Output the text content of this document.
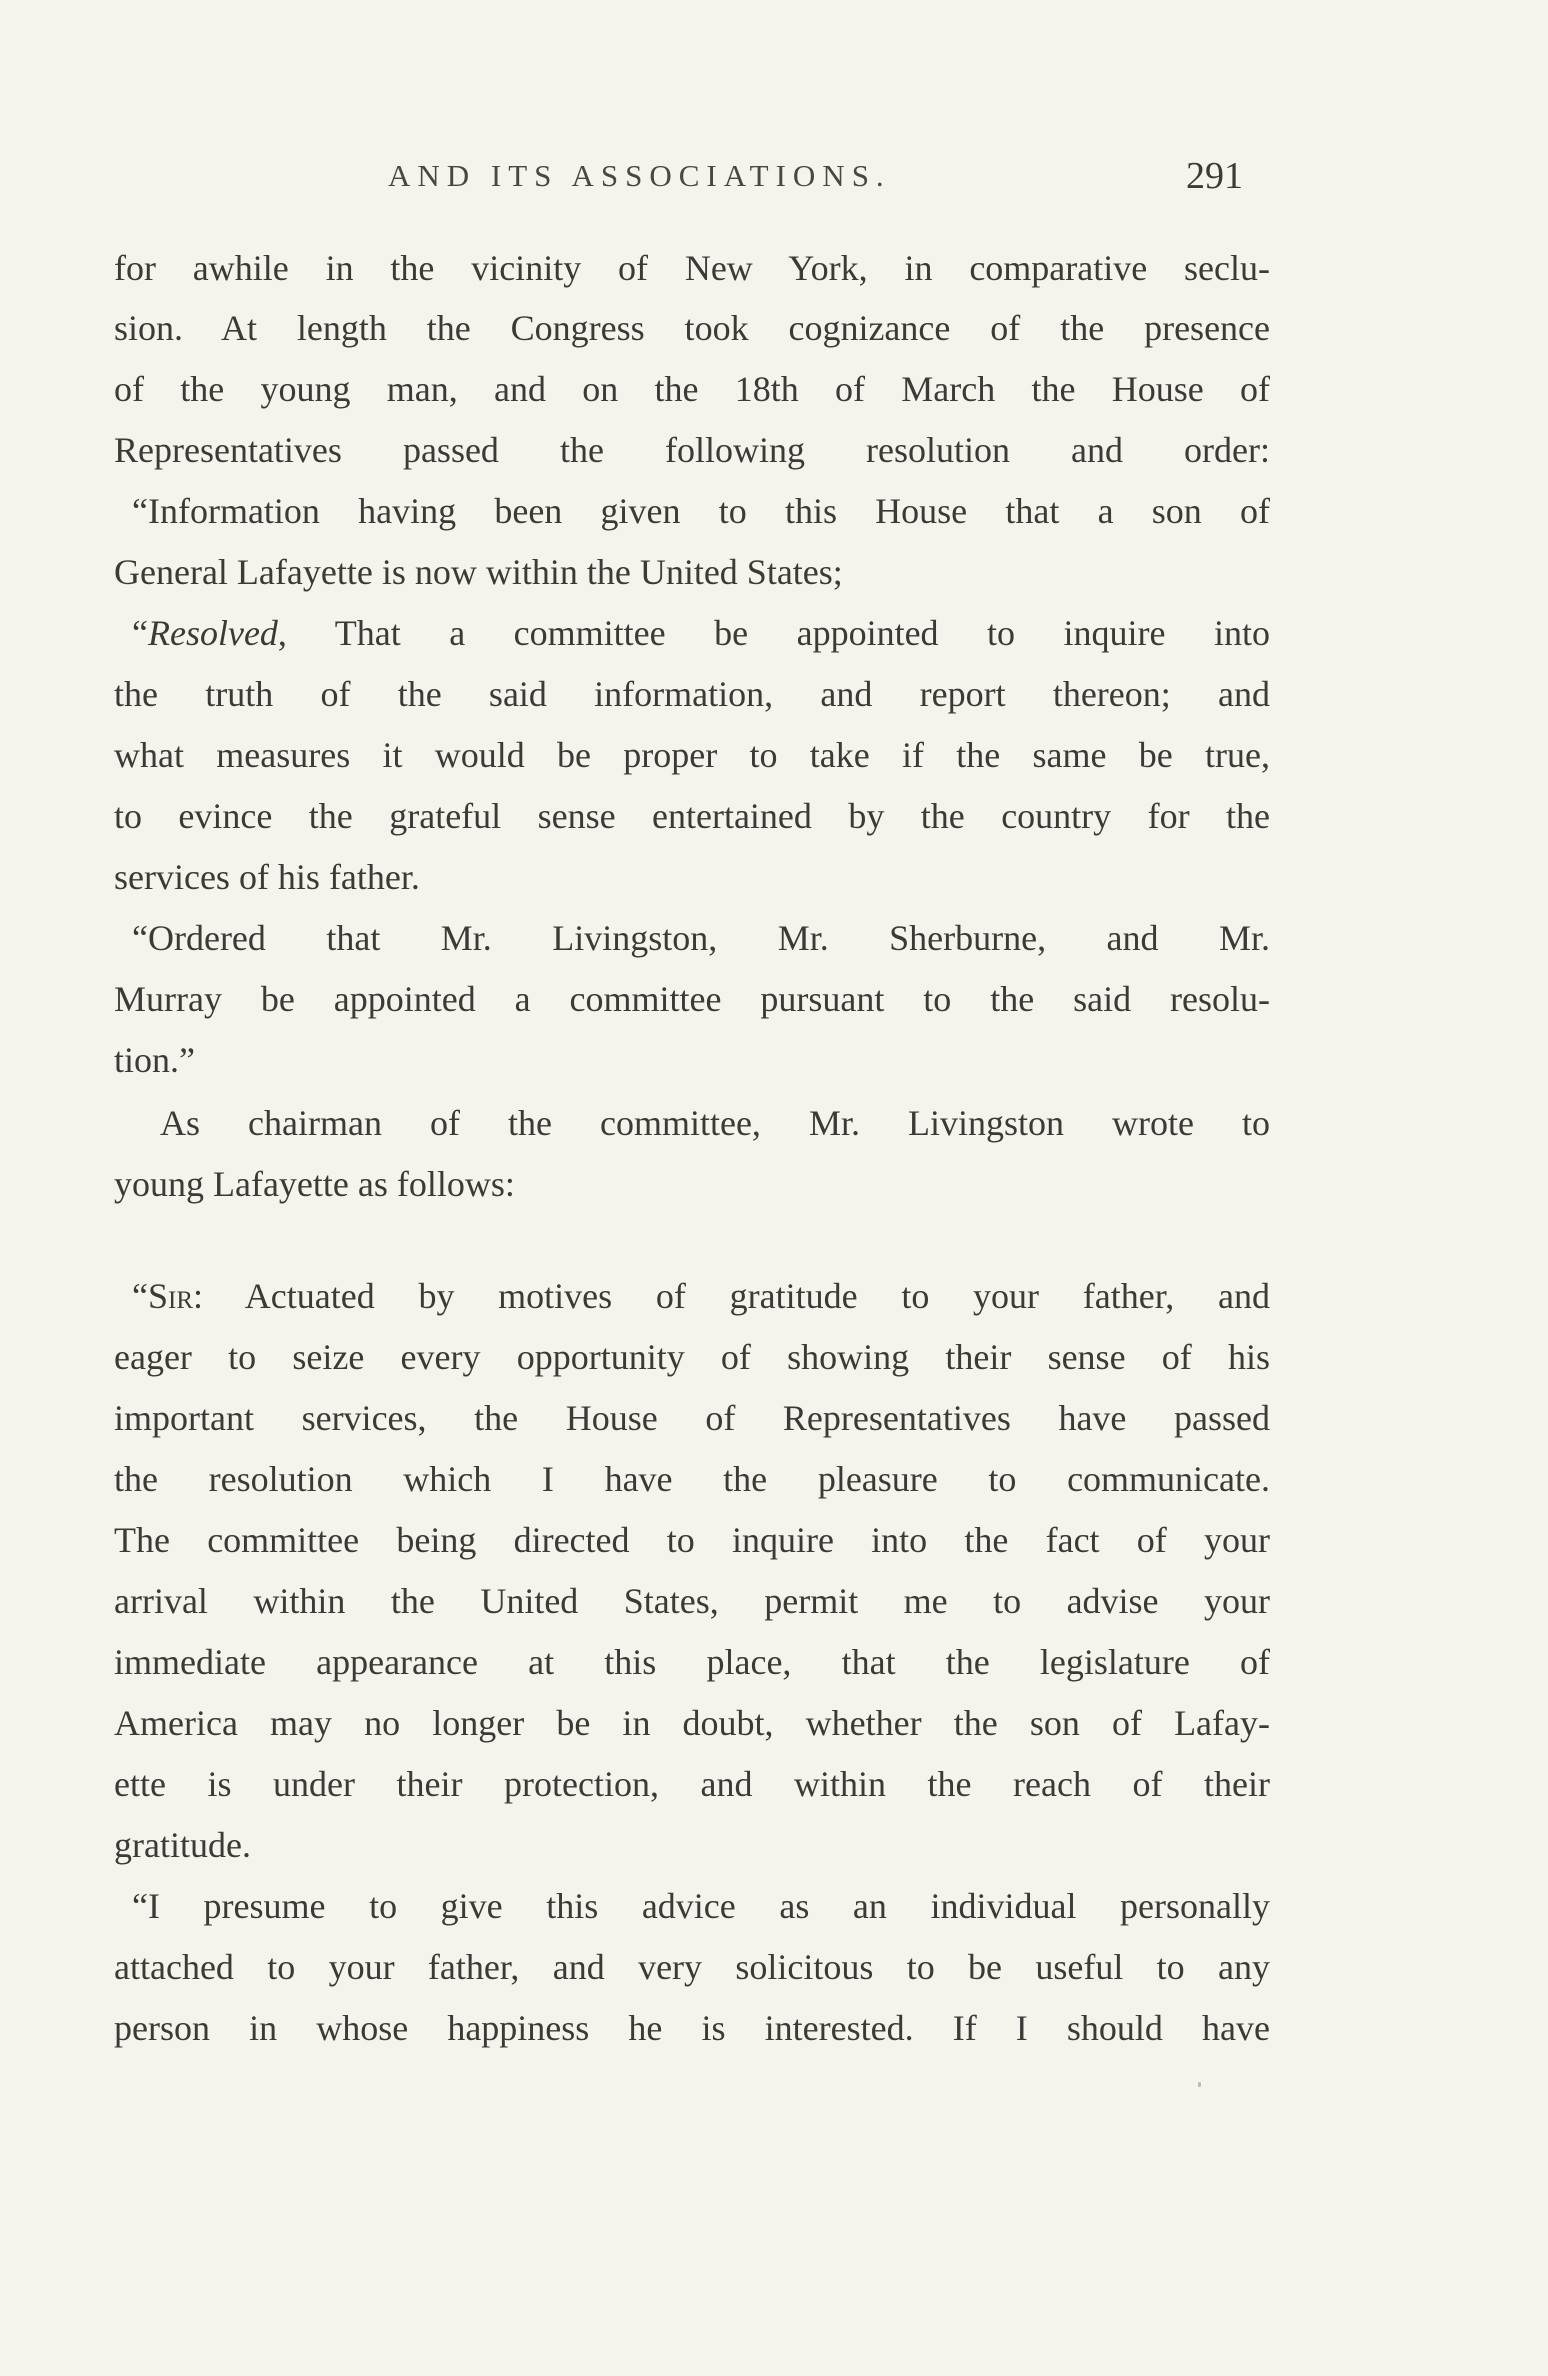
AND ITS ASSOCIATIONS.	291
for awhile in the vicinity of New York, in comparative seclu-
sion. At length the Congress took cognizance of the presence
of the young man, and on the 18th of March the House of
Representatives passed the following resolution and order:
“Information having been given to this House that a son of
General Lafayette is now within the United States;
“Resolved, That a committee be appointed to inquire into
the truth of the said information, and report thereon; and
what measures it would be proper to take if the same be true,
to evince the grateful sense entertained by the country for the
services of his father.
“Ordered that Mr. Livingston, Mr. Sherburne, and Mr.
Murray be appointed a committee pursuant to the said resolu-
tion.”
As chairman of the committee, Mr. Livingston wrote to
young Lafayette as follows:
“Sir: Actuated by motives of gratitude to your father, and
eager to seize every opportunity of showing their sense of his
important services, the House of Representatives have passed
the resolution which I have the pleasure to communicate.
The committee being directed to inquire into the fact of your
arrival within the United States, permit me to advise your
immediate appearance at this place, that the legislature of
America may no longer be in doubt, whether the son of Lafay-
ette is under their protection, and within the reach of their
gratitude.
“I presume to give this advice as an individual personally
attached to your father, and very solicitous to be useful to any
person in whose happiness he is interested. If I should have
